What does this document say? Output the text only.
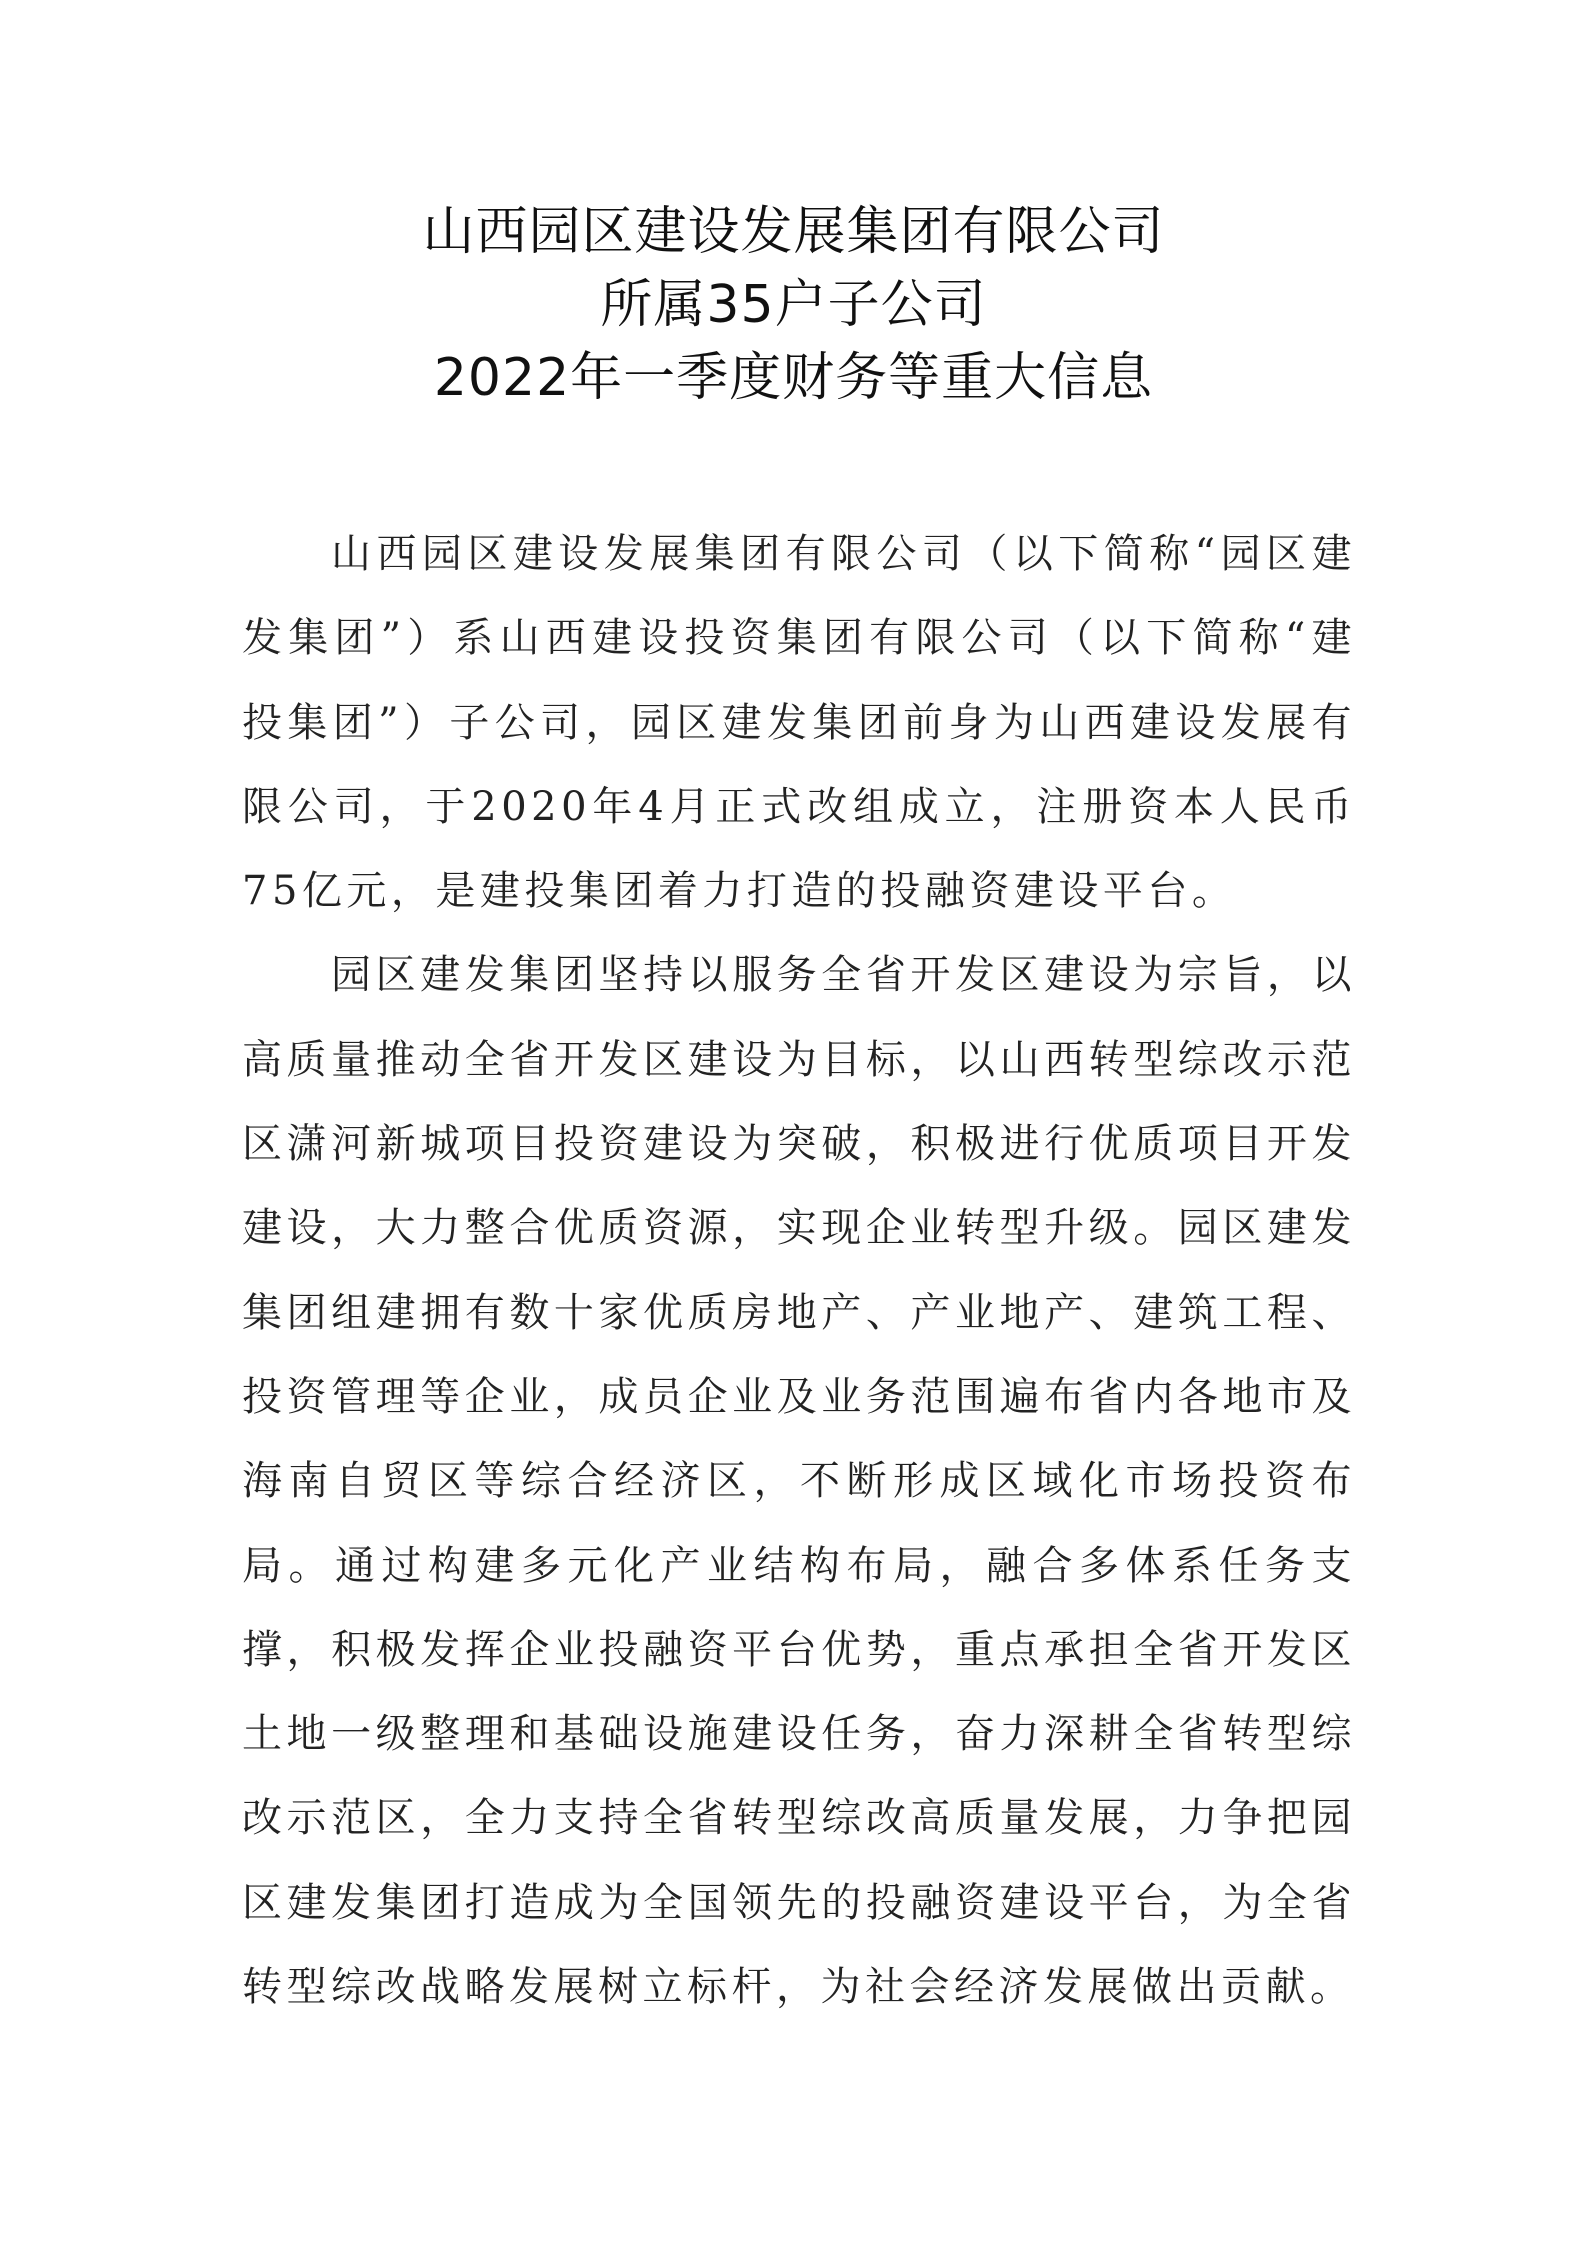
山西园区建设发展集团有限公司
所属35户子公司
2022年一季度财务等重大信息

山西园区建设发展集团有限公司（以下简称“园区建发集团”）系山西建设投资集团有限公司（以下简称“建投集团”）子公司，园区建发集团前身为山西建设发展有限公司，于2020年4月正式改组成立，注册资本人民币75亿元，是建投集团着力打造的投融资建设平台。

园区建发集团坚持以服务全省开发区建设为宗旨，以高质量推动全省开发区建设为目标，以山西转型综改示范区潇河新城项目投资建设为突破，积极进行优质项目开发建设，大力整合优质资源，实现企业转型升级。园区建发集团组建拥有数十家优质房地产、产业地产、建筑工程、投资管理等企业，成员企业及业务范围遍布省内各地市及海南自贸区等综合经济区，不断形成区域化市场投资布局。通过构建多元化产业结构布局，融合多体系任务支撑，积极发挥企业投融资平台优势，重点承担全省开发区土地一级整理和基础设施建设任务，奋力深耕全省转型综改示范区，全力支持全省转型综改高质量发展，力争把园区建发集团打造成为全国领先的投融资建设平台，为全省转型综改战略发展树立标杆，为社会经济发展做出贡献。
